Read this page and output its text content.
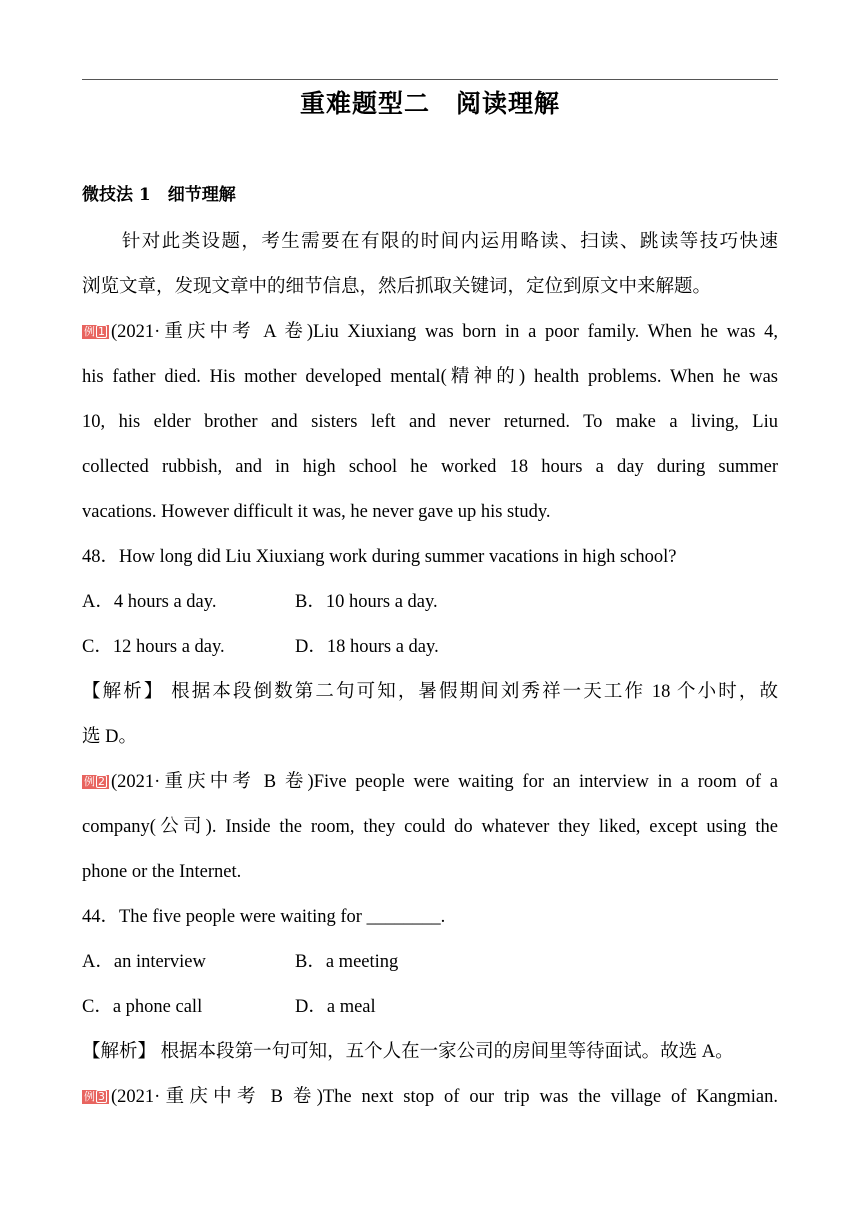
重难题型二　阅读理解
微技法 1　细节理解
　　针对此类设题，考生需要在有限的时间内运用略读、扫读、跳读等技巧快速
浏览文章，发现文章中的细节信息，然后抓取关键词，定位到原文中来解题。
例 1 (2021·重庆中考 A 卷)Liu Xiuxiang was born in a poor family. When he was 4,
his father died. His mother developed mental(精神的) health problems. When he was
10, his elder brother and sisters left and never returned. To make a living, Liu
collected rubbish, and in high school he worked 18 hours a day during summer
vacations. However difficult it was, he never gave up his study.
48．How long did Liu Xiuxiang work during summer vacations in high school?
A．4 hours a day.	B．10 hours a day.
C．12 hours a day.	D．18 hours a day.
【解析】 根据本段倒数第二句可知，暑假期间刘秀祥一天工作 18 个小时，故
选 D。
例 2 (2021·重庆中考 B 卷)Five people were waiting for an interview in a room of a
company(公司). Inside the room, they could do whatever they liked, except using the
phone or the Internet.
44．The five people were waiting for ________.
A．an interview	B．a meeting
C．a phone call	D．a meal
【解析】 根据本段第一句可知，五个人在一家公司的房间里等待面试。故选 A。
例 3 (2021·重庆中考 B 卷)The next stop of our trip was the village of Kangmian.
